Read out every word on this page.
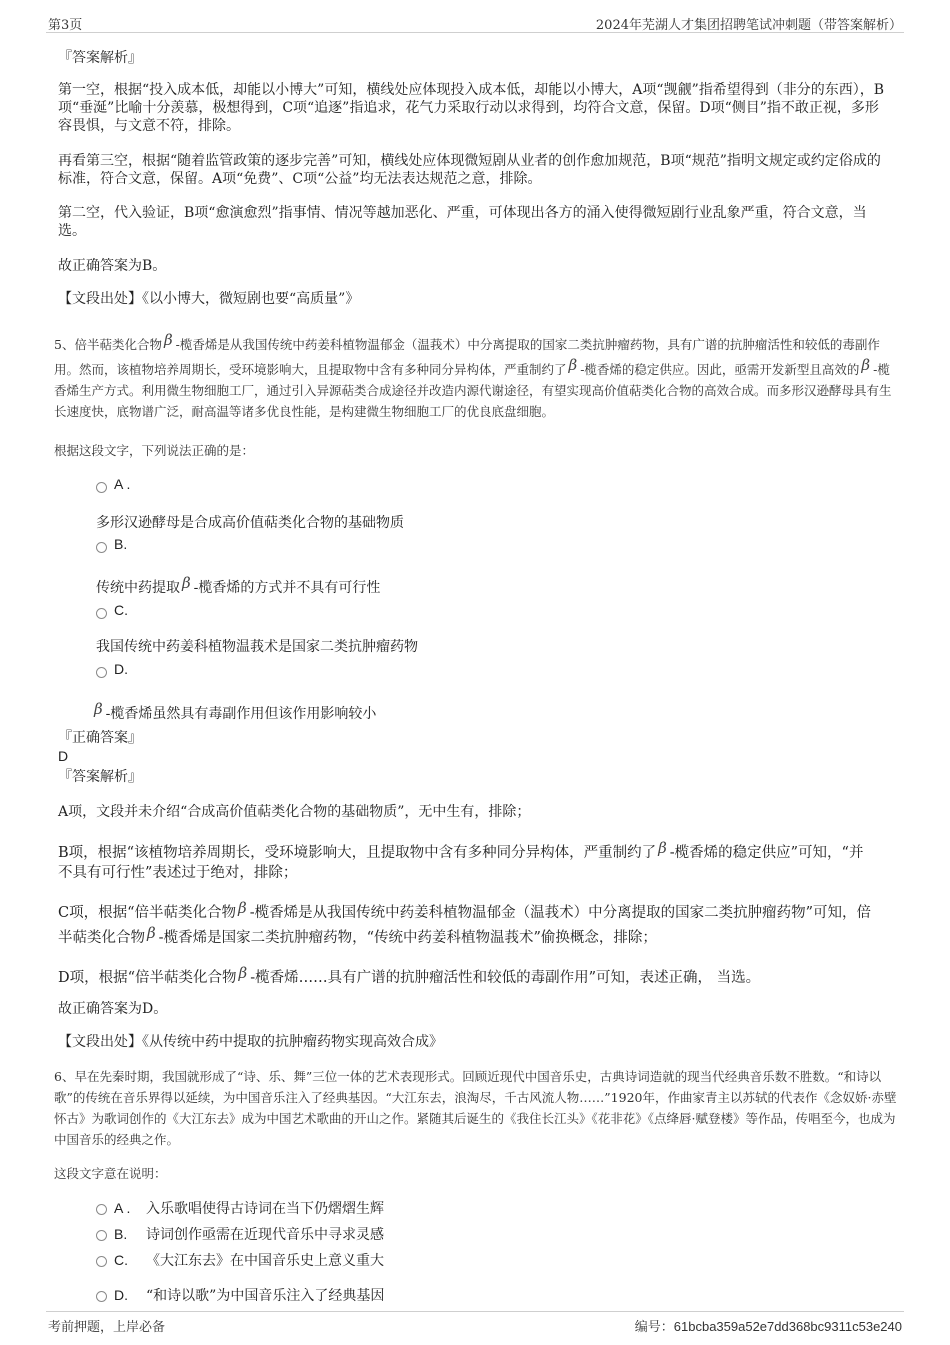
第3页	2024年芜湖人才集团招聘笔试冲刺题（带答案解析）
『答案解析』
第一空，根据“投入成本低，却能以小博大”可知，横线处应体现投入成本低，却能以小博大，A项“觊觎”指希望得到（非分的东西），B项“垂涎”比喻十分羡慕，极想得到，C项“追逐”指追求，花气力采取行动以求得到，均符合文意，保留。D项“侧目”指不敢正视，多形容畏惧，与文意不符，排除。
再看第三空，根据“随着监管政策的逐步完善”可知，横线处应体现微短剧从业者的创作愈加规范，B项“规范”指明文规定或约定俗成的标准，符合文意，保留。A项“免费”、C项“公益”均无法表达规范之意，排除。
第二空，代入验证，B项“愈演愈烈”指事情、情况等越加恶化、严重，可体现出各方的涌入使得微短剧行业乱象严重，符合文意，当选。
故正确答案为B。
【文段出处】《以小博大，微短剧也要“高质量”》
5、倍半萜类化合物 β -榄香烯是从我国传统中药姜科植物温郁金（温莪术）中分离提取的国家二类抗肿瘤药物，具有广谱的抗肿瘤活性和较低的毒副作用。然而，该植物培养周期长，受环境影响大，且提取物中含有多种同分异构体，严重制约了 β -榄香烯的稳定供应。因此，亟需开发新型且高效的 β -榄香烯生产方式。利用微生物细胞工厂，通过引入异源萜类合成途径并改造内源代谢途径，有望实现高价值萜类化合物的高效合成。而多形汉逊酵母具有生长速度快，底物谱广泛，耐高温等诸多优良性能，是构建微生物细胞工厂的优良底盘细胞。
根据这段文字，下列说法正确的是：
A .
多形汉逊酵母是合成高价值萜类化合物的基础物质
B.
传统中药提取 β -榄香烯的方式并不具有可行性
C.
我国传统中药姜科植物温莪术是国家二类抗肿瘤药物
D.
β -榄香烯虽然具有毒副作用但该作用影响较小
『正确答案』
D
『答案解析』
A项，文段并未介绍“合成高价值萜类化合物的基础物质”，无中生有，排除；
B项，根据“该植物培养周期长，受环境影响大，且提取物中含有多种同分异构体，严重制约了 β -榄香烯的稳定供应”可知，“并不具有可行性”表述过于绝对，排除；
C项，根据“倍半萜类化合物 β -榄香烯是从我国传统中药姜科植物温郁金（温莪术）中分离提取的国家二类抗肿瘤药物”可知，倍半萜类化合物 β -榄香烯是国家二类抗肿瘤药物，“传统中药姜科植物温莪术”偷换概念，排除；
D项，根据“倍半萜类化合物 β -榄香烯……具有广谱的抗肿瘤活性和较低的毒副作用”可知，表述正确， 当选。
故正确答案为D。
【文段出处】《从传统中药中提取的抗肿瘤药物实现高效合成》
6、早在先秦时期，我国就形成了“诗、乐、舞”三位一体的艺术表现形式。回顾近现代中国音乐史，古典诗词造就的现当代经典音乐数不胜数。“和诗以歌”的传统在音乐界得以延续，为中国音乐注入了经典基因。“大江东去，浪淘尽，千古风流人物……”1920年，作曲家青主以苏轼的代表作《念奴娇·赤壁怀古》为歌词创作的《大江东去》成为中国艺术歌曲的开山之作。紧随其后诞生的《我住长江头》《花非花》《点绛唇·赋登楼》等作品，传唱至今，也成为中国音乐的经典之作。
这段文字意在说明：
A . 入乐歌唱使得古诗词在当下仍熠熠生辉
B. 诗词创作亟需在近现代音乐中寻求灵感
C. 《大江东去》在中国音乐史上意义重大
D. “和诗以歌”为中国音乐注入了经典基因
考前押题，上岸必备	编号：61bcba359a52e7dd368bc9311c53e240
